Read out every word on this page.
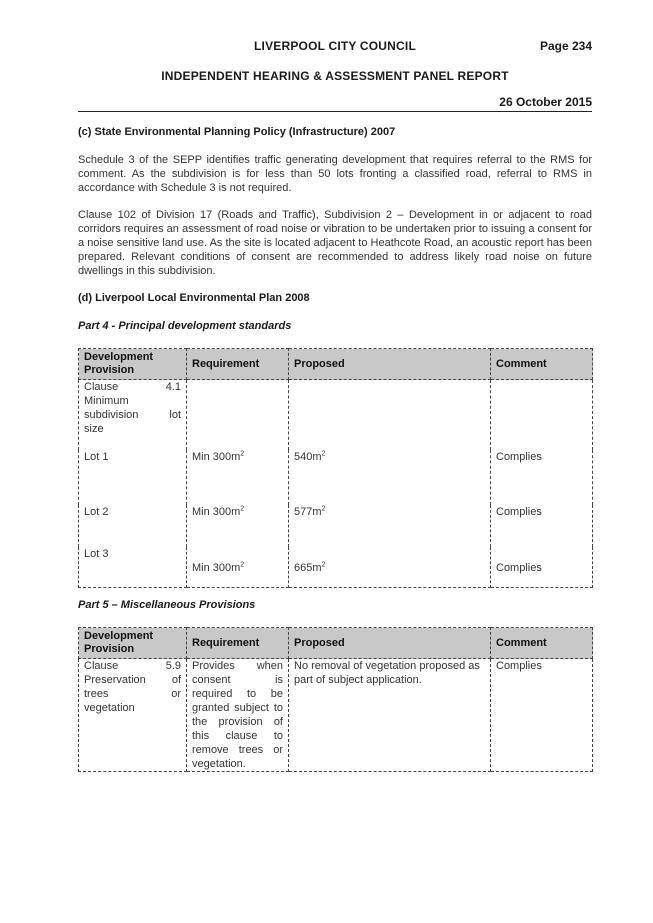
LIVERPOOL CITY COUNCIL	Page 234
INDEPENDENT HEARING & ASSESSMENT PANEL REPORT
26 October 2015
(c) State Environmental Planning Policy (Infrastructure) 2007
Schedule 3 of the SEPP identifies traffic generating development that requires referral to the RMS for comment. As the subdivision is for less than 50 lots fronting a classified road, referral to RMS in accordance with Schedule 3 is not required.
Clause 102 of Division 17 (Roads and Traffic), Subdivision 2 – Development in or adjacent to road corridors requires an assessment of road noise or vibration to be undertaken prior to issuing a consent for a noise sensitive land use. As the site is located adjacent to Heathcote Road, an acoustic report has been prepared. Relevant conditions of consent are recommended to address likely road noise on future dwellings in this subdivision.
(d) Liverpool Local Environmental Plan 2008
Part 4 - Principal development standards
Development Provision	Requirement	Proposed	Comment

Clause 4.1
Minimum
subdivision lot
size			

Lot 1	Min $300m^2$	$540m^2$	Complies
Lot 2	Min $300m^2$	$577m^2$	Complies
Lot 3	Min $300m^2$	$665m^2$	Complies
Part 5 – Miscellaneous Provisions
Development Provision	Requirement	Proposed	Comment

Clause 5.9
Preservation of
trees or
vegetation	Provides when consent is required to be granted subject to the provision of this clause to remove trees or vegetation.	No removal of vegetation proposed as part of subject application.	Complies
